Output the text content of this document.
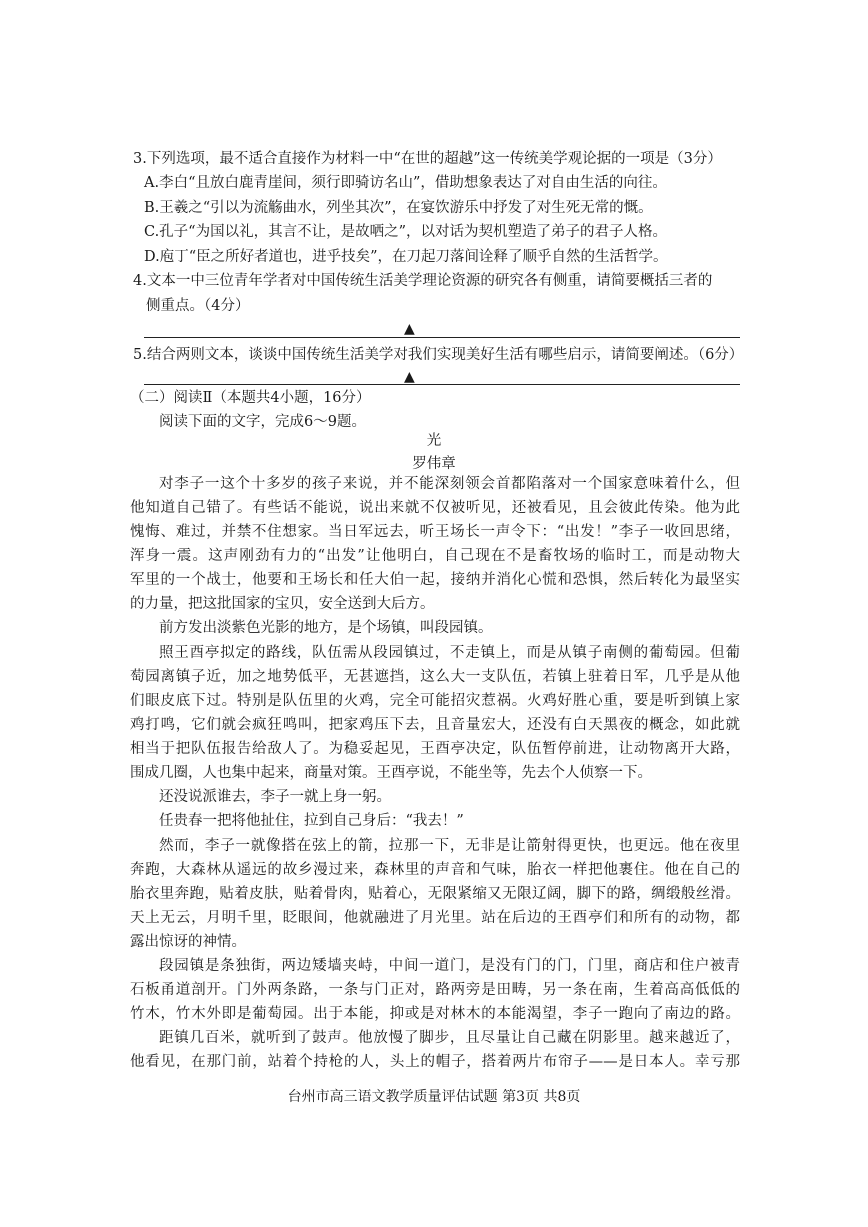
3.下列选项，最不适合直接作为材料一中“在世的超越”这一传统美学观论据的一项是（3分）
A.李白“且放白鹿青崖间，须行即骑访名山”，借助想象表达了对自由生活的向往。
B.王羲之“引以为流觞曲水，列坐其次”，在宴饮游乐中抒发了对生死无常的慨。
C.孔子“为国以礼，其言不让，是故哂之”，以对话为契机塑造了弟子的君子人格。
D.庖丁“臣之所好者道也，进乎技矣”，在刀起刀落间诠释了顺乎自然的生活哲学。
4.文本一中三位青年学者对中国传统生活美学理论资源的研究各有侧重，请简要概括三者的
侧重点。（4分）
▲
5.结合两则文本，谈谈中国传统生活美学对我们实现美好生活有哪些启示，请简要阐述。（6分）
▲
（二）阅读Ⅱ（本题共4小题，16分）
阅读下面的文字，完成6～9题。
光
罗伟章
对李子一这个十多岁的孩子来说，并不能深刻领会首都陷落对一个国家意味着什么，但
他知道自己错了。有些话不能说，说出来就不仅被听见，还被看见，且会彼此传染。他为此
愧悔、难过，并禁不住想家。当日军远去，听王场长一声令下：“出发！”李子一收回思绪，
浑身一震。这声刚劲有力的“出发”让他明白，自己现在不是畜牧场的临时工，而是动物大
军里的一个战士，他要和王场长和任大伯一起，接纳并消化心慌和恐惧，然后转化为最坚实
的力量，把这批国家的宝贝，安全送到大后方。
前方发出淡紫色光影的地方，是个场镇，叫段园镇。
照王酉亭拟定的路线，队伍需从段园镇过，不走镇上，而是从镇子南侧的葡萄园。但葡
萄园离镇子近，加之地势低平，无甚遮挡，这么大一支队伍，若镇上驻着日军，几乎是从他
们眼皮底下过。特别是队伍里的火鸡，完全可能招灾惹祸。火鸡好胜心重，要是听到镇上家
鸡打鸣，它们就会疯狂鸣叫，把家鸡压下去，且音量宏大，还没有白天黑夜的概念，如此就
相当于把队伍报告给敌人了。为稳妥起见，王酉亭决定，队伍暂停前进，让动物离开大路，
围成几圈，人也集中起来，商量对策。王酉亭说，不能坐等，先去个人侦察一下。
还没说派谁去，李子一就上身一躬。
任贵春一把将他扯住，拉到自己身后：“我去！”
然而，李子一就像搭在弦上的箭，拉那一下，无非是让箭射得更快，也更远。他在夜里
奔跑，大森林从遥远的故乡漫过来，森林里的声音和气味，胎衣一样把他裹住。他在自己的
胎衣里奔跑，贴着皮肤，贴着骨肉，贴着心，无限紧缩又无限辽阔，脚下的路，绸缎般丝滑。
天上无云，月明千里，眨眼间，他就融进了月光里。站在后边的王酉亭们和所有的动物，都
露出惊讶的神情。
段园镇是条独街，两边矮墙夹峙，中间一道门，是没有门的门，门里，商店和住户被青
石板甬道剖开。门外两条路，一条与门正对，路两旁是田畴，另一条在南，生着高高低低的
竹木，竹木外即是葡萄园。出于本能，抑或是对林木的本能渴望，李子一跑向了南边的路。
距镇几百米，就听到了鼓声。他放慢了脚步，且尽量让自己藏在阴影里。越来越近了，
台州市高三语文教学质量评估试题 第3页 共8页
他看见，在那门前，站着个持枪的人，头上的帽子，搭着两片布帘子——是日本人。幸亏那
